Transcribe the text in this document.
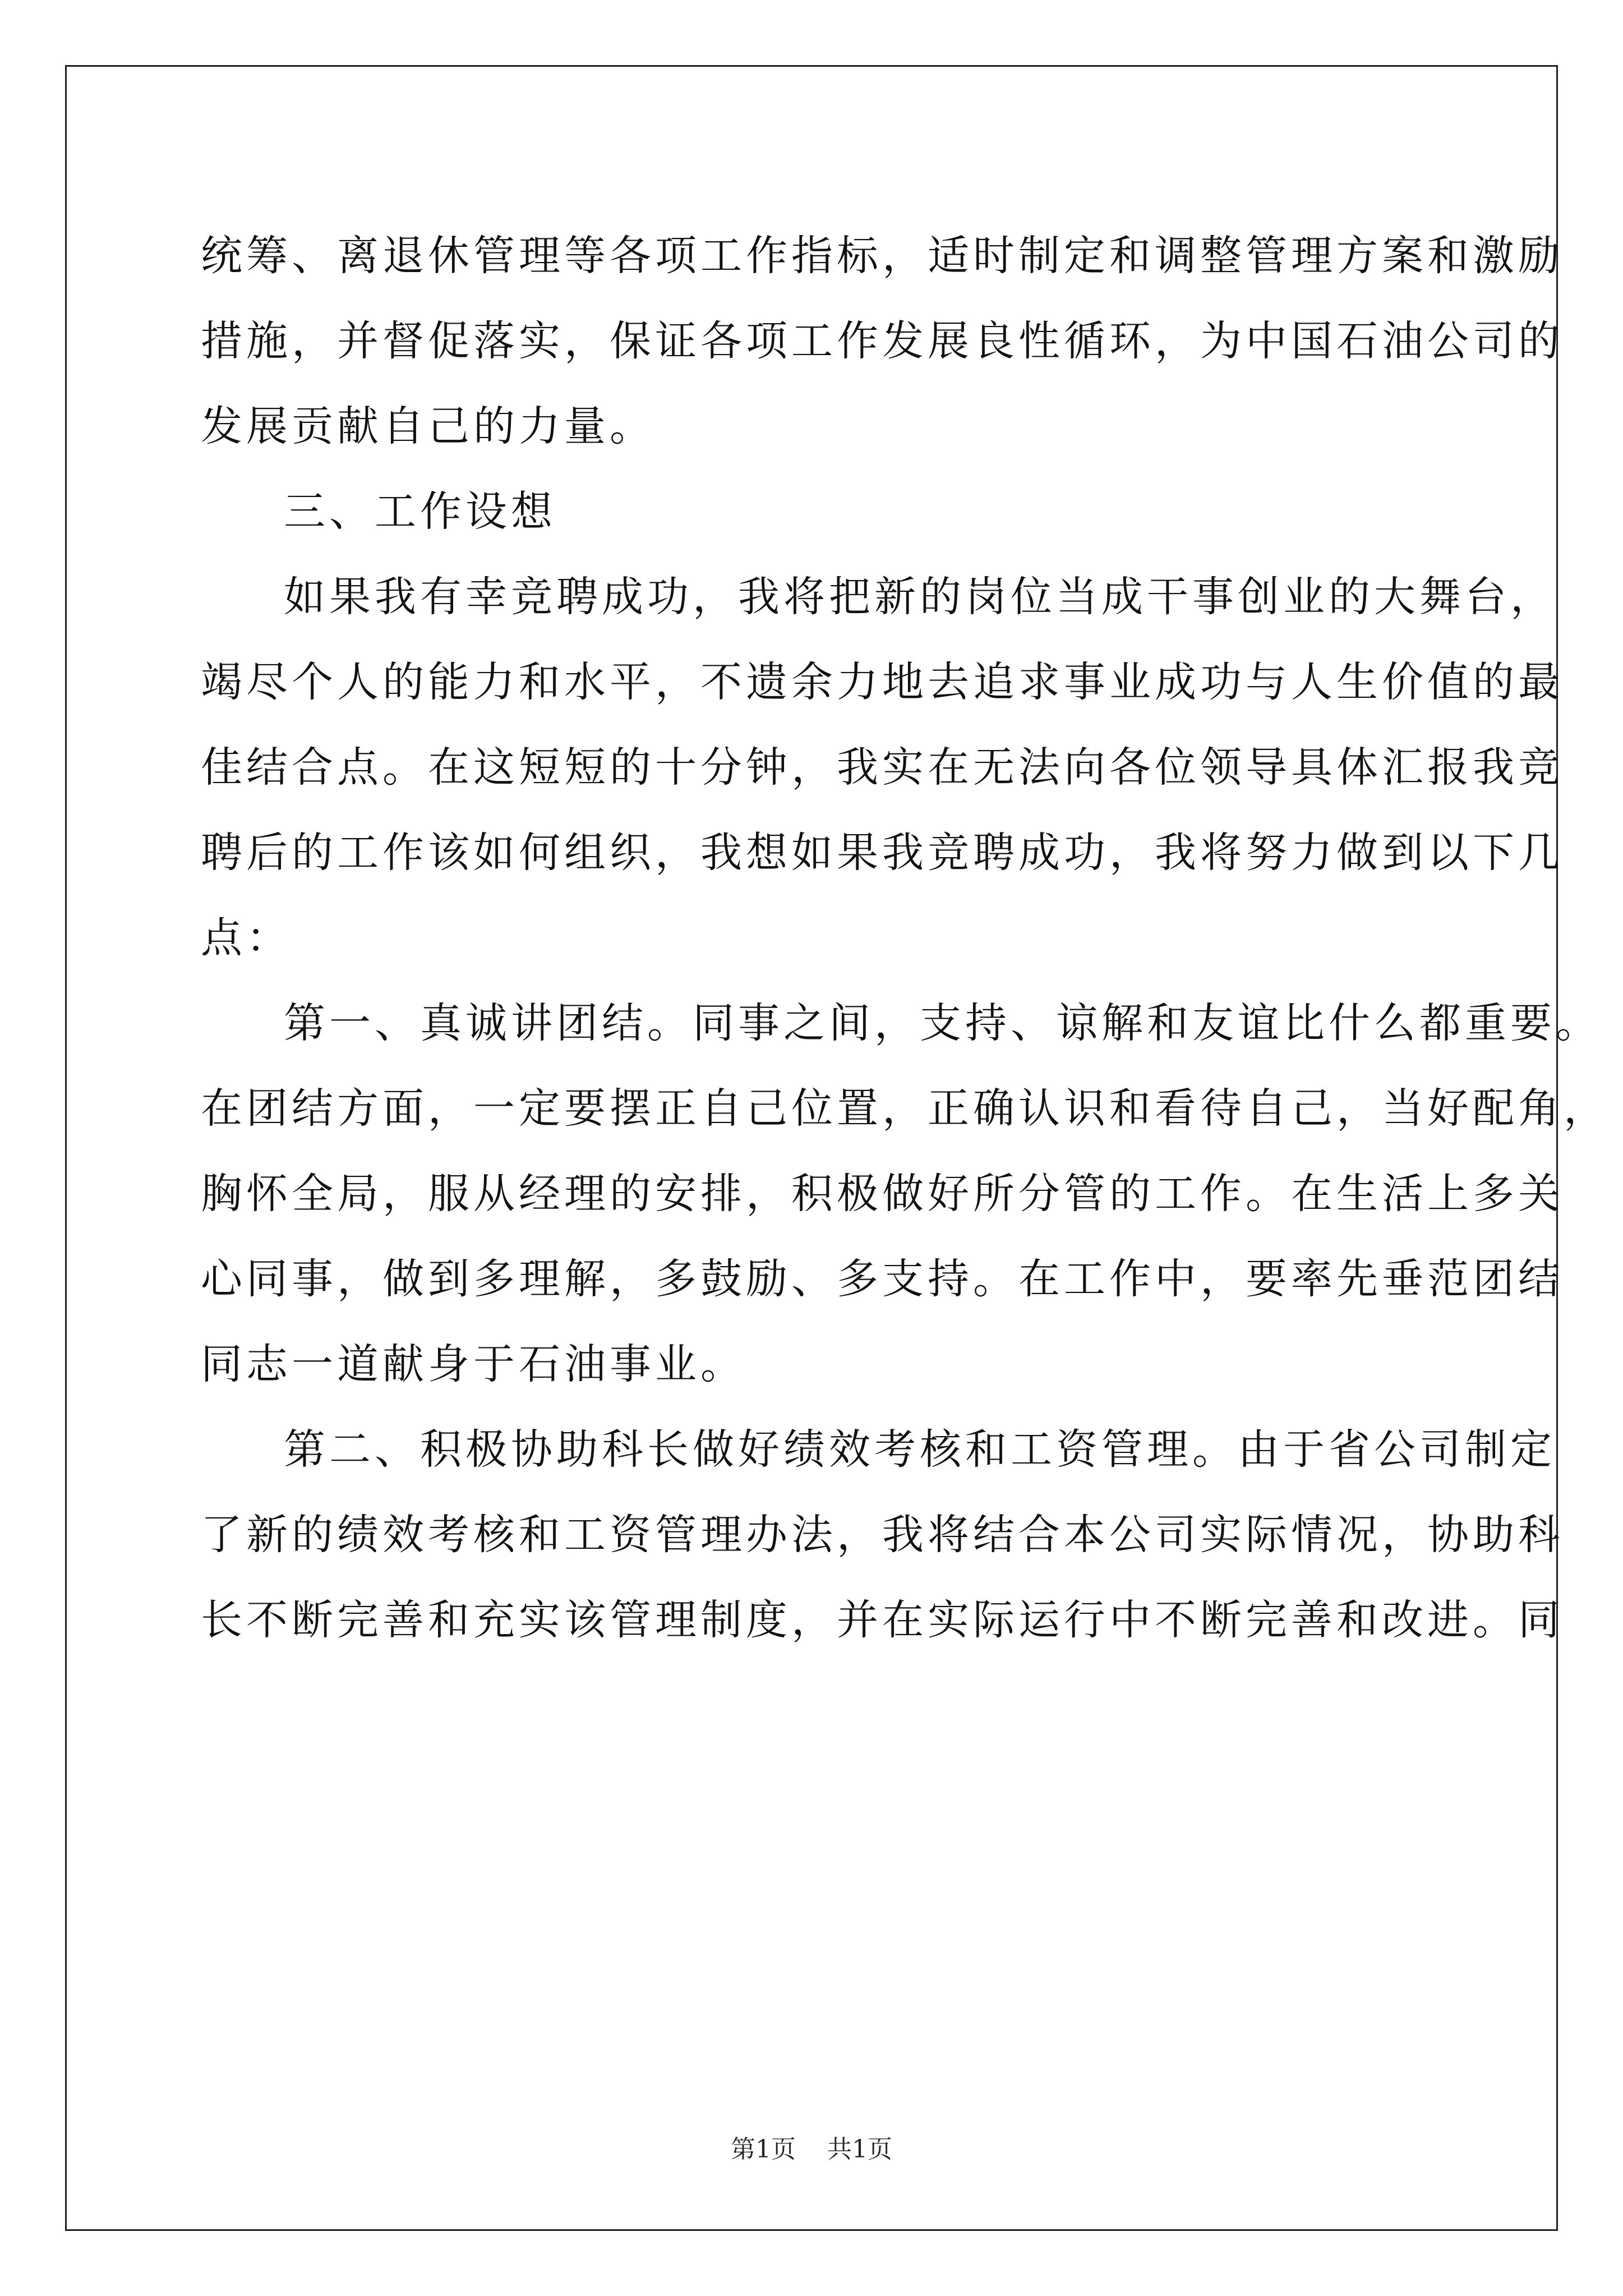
统筹、离退休管理等各项工作指标，适时制定和调整管理方案和激励
措施，并督促落实，保证各项工作发展良性循环，为中国石油公司的
发展贡献自己的力量。
三、工作设想
如果我有幸竞聘成功，我将把新的岗位当成干事创业的大舞台，
竭尽个人的能力和水平，不遗余力地去追求事业成功与人生价值的最
佳结合点。在这短短的十分钟，我实在无法向各位领导具体汇报我竞
聘后的工作该如何组织，我想如果我竞聘成功，我将努力做到以下几
点：
第一、真诚讲团结。同事之间，支持、谅解和友谊比什么都重要。
在团结方面，一定要摆正自己位置，正确认识和看待自己，当好配角，
胸怀全局，服从经理的安排，积极做好所分管的工作。在生活上多关
心同事，做到多理解，多鼓励、多支持。在工作中，要率先垂范团结
同志一道献身于石油事业。
第二、积极协助科长做好绩效考核和工资管理。由于省公司制定
了新的绩效考核和工资管理办法，我将结合本公司实际情况，协助科
长不断完善和充实该管理制度，并在实际运行中不断完善和改进。同
第1页 共1页
